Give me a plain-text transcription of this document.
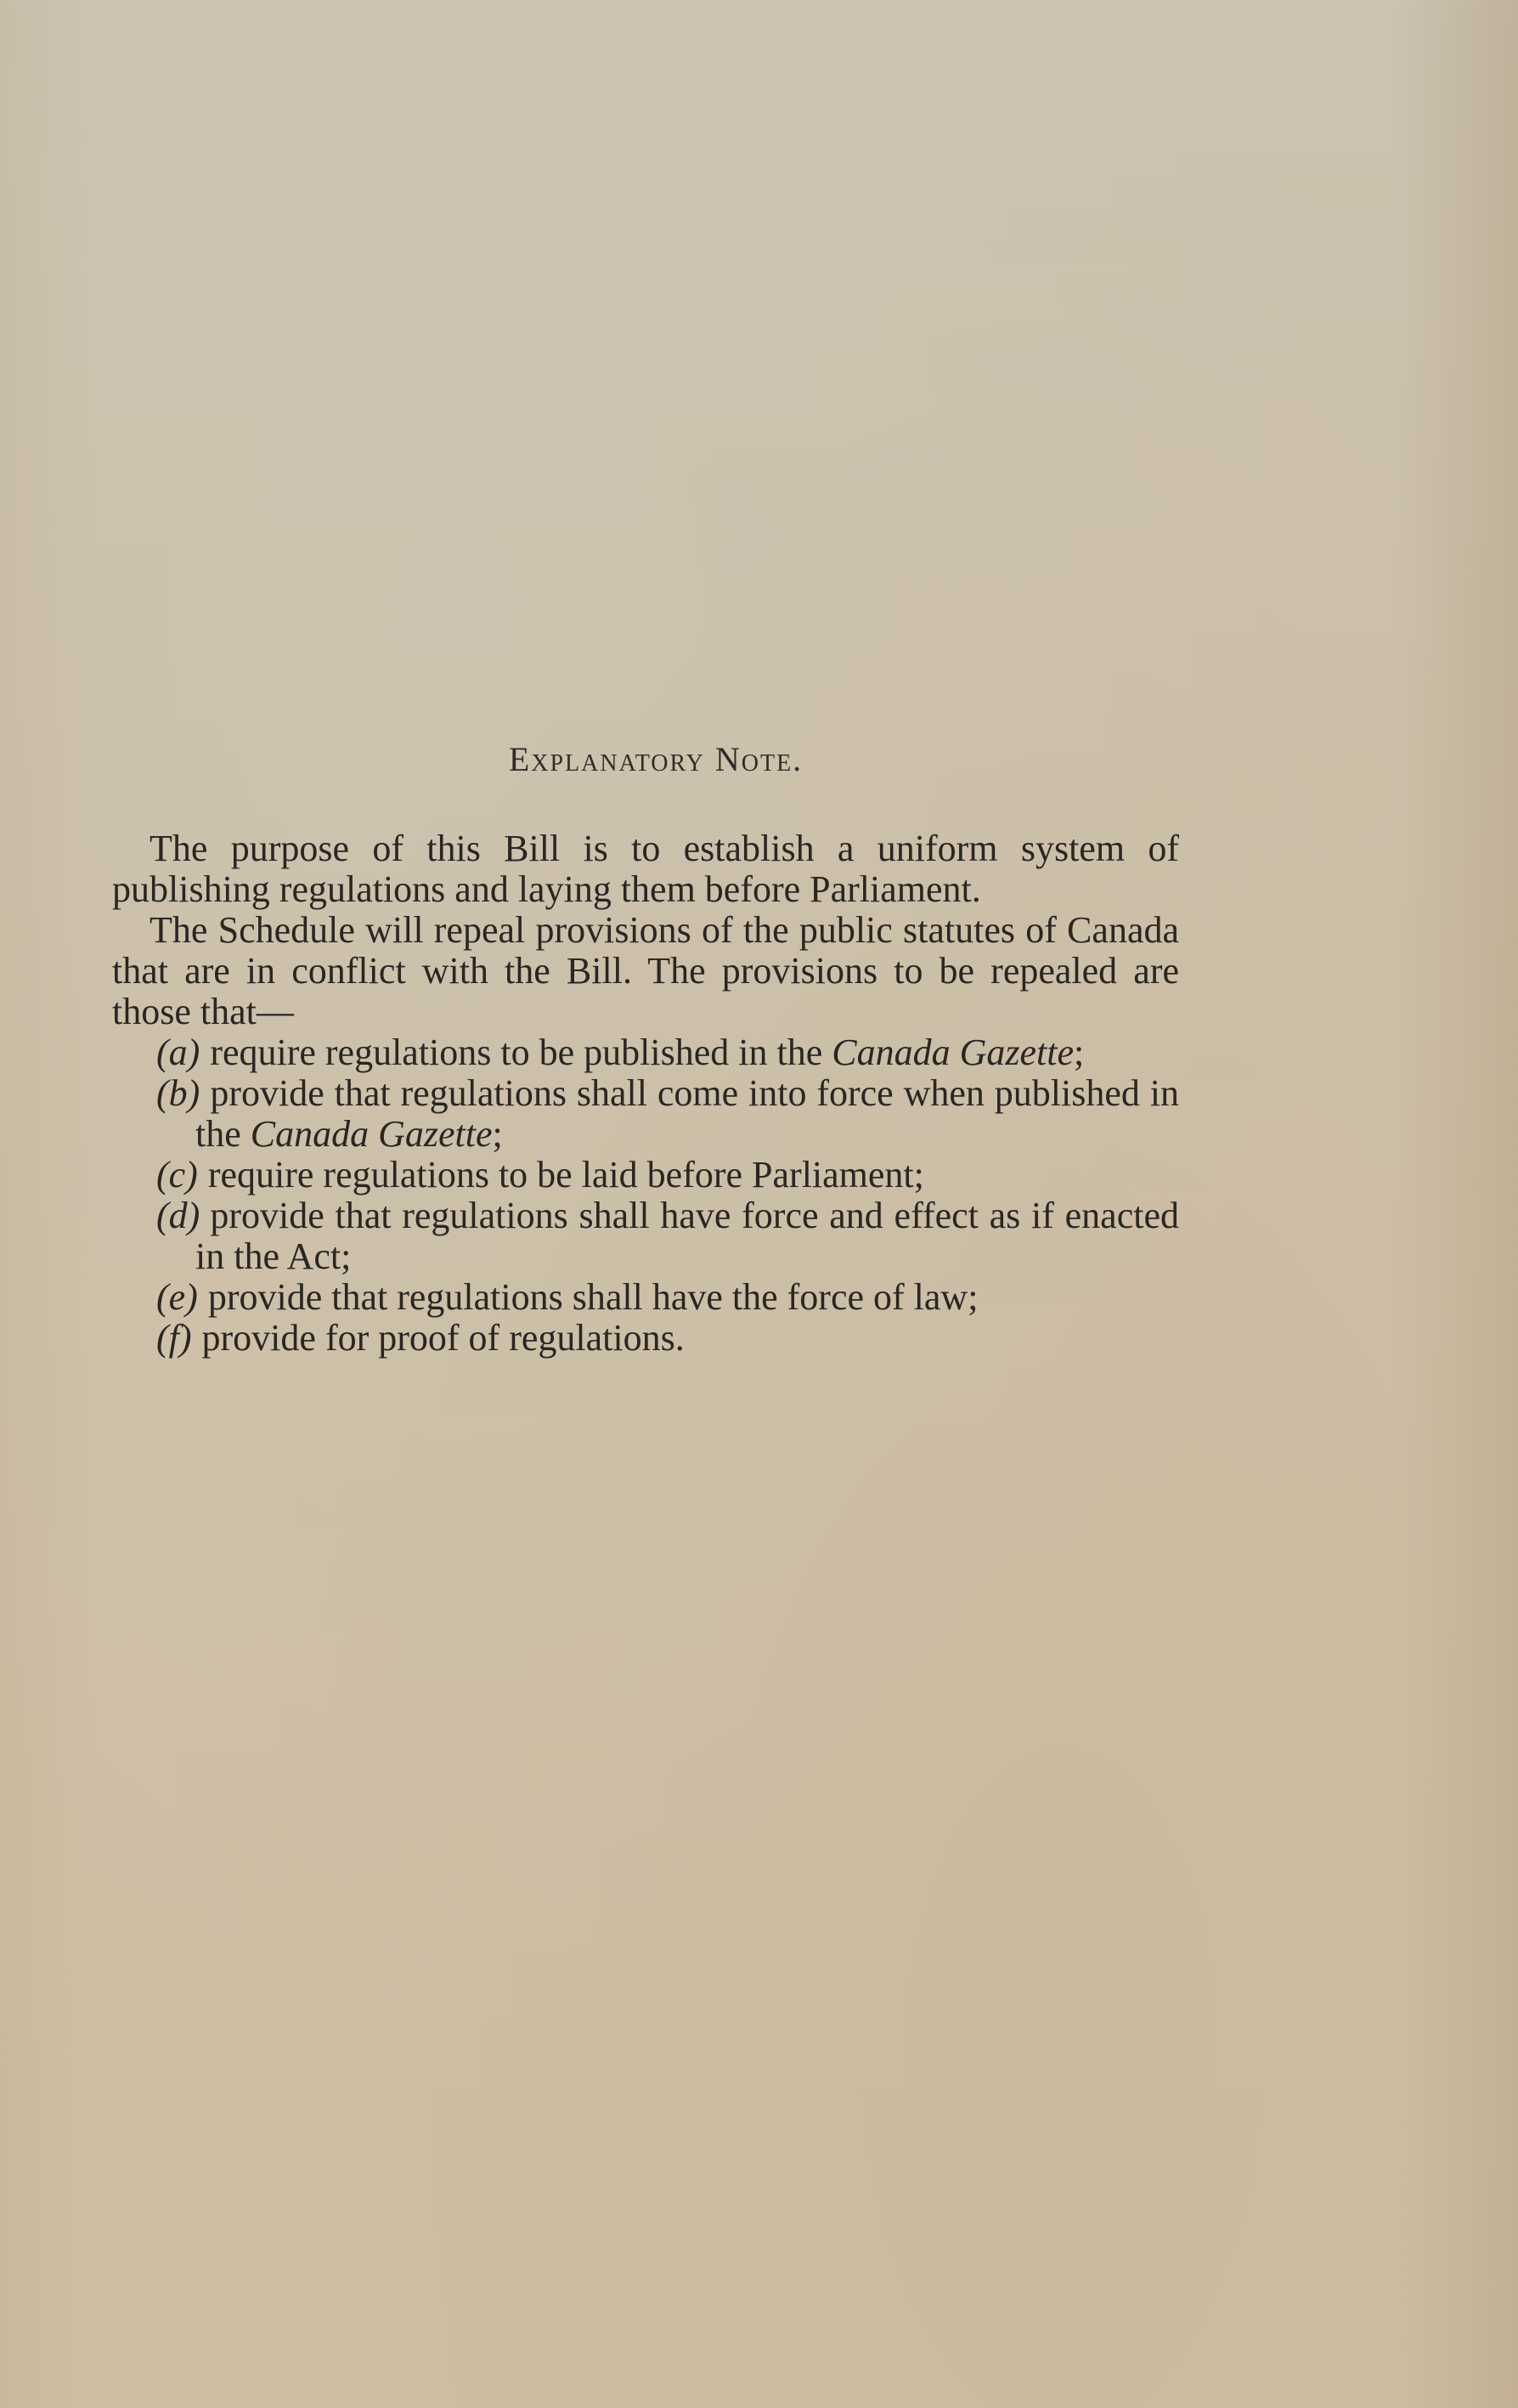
Explanatory Note.

The purpose of this Bill is to establish a uniform system of publishing regulations and laying them before Parliament.

The Schedule will repeal provisions of the public statutes of Canada that are in conflict with the Bill. The provisions to be repealed are those that—

(a) require regulations to be published in the Canada Gazette;
(b) provide that regulations shall come into force when published in the Canada Gazette;
(c) require regulations to be laid before Parliament;
(d) provide that regulations shall have force and effect as if enacted in the Act;
(e) provide that regulations shall have the force of law;
(f) provide for proof of regulations.
